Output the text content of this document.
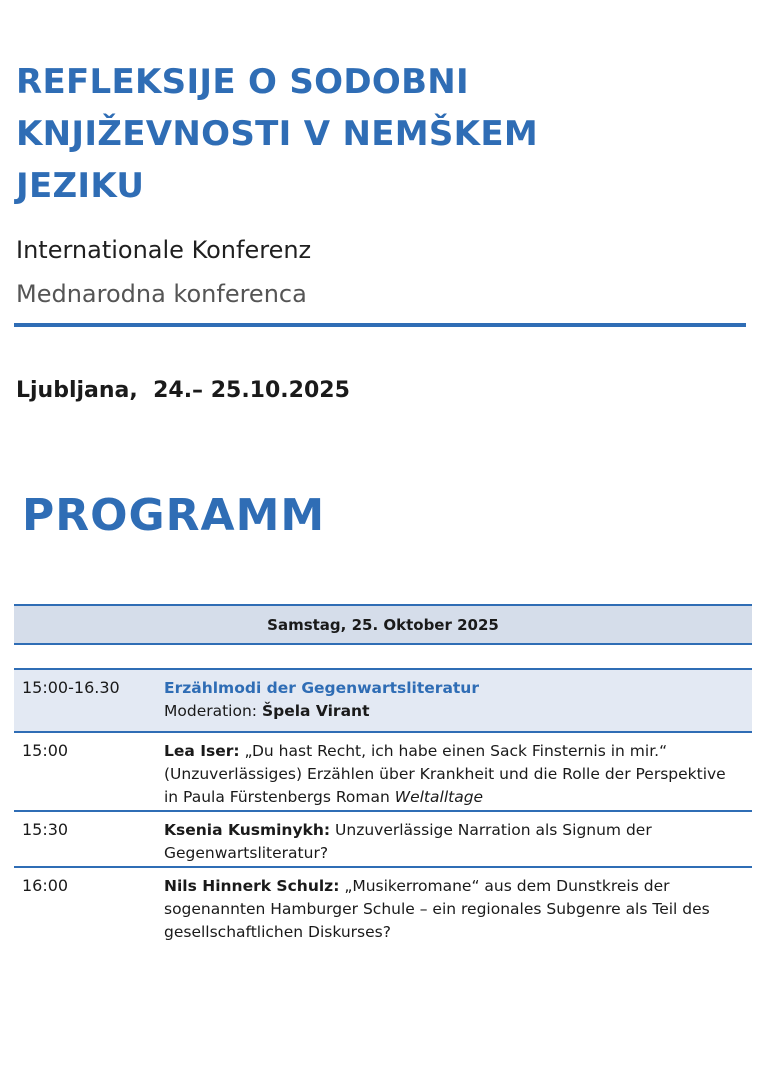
REFLEKSIJE O SODOBNI
KNJIŽEVNOSTI V NEMŠKEM
JEZIKU
Internationale Konferenz
Mednarodna konferenca
Ljubljana,  24.– 25.10.2025
PROGRAMM
Samstag, 25. Oktober 2025
15:00-16.30	Erzählmodi der Gegenwartsliteratur
Moderation: Špela Virant
15:00	Lea Iser: „Du hast Recht, ich habe einen Sack Finsternis in mir.“ (Unzuverlässiges) Erzählen über Krankheit und die Rolle der Perspektive in Paula Fürstenbergs Roman Weltalltage
15:30	Ksenia Kusminykh: Unzuverlässige Narration als Signum der Gegenwartsliteratur?
16:00	Nils Hinnerk Schulz: „Musikerromane“ aus dem Dunstkreis der sogenannten Hamburger Schule – ein regionales Subgenre als Teil des gesellschaftlichen Diskurses?
